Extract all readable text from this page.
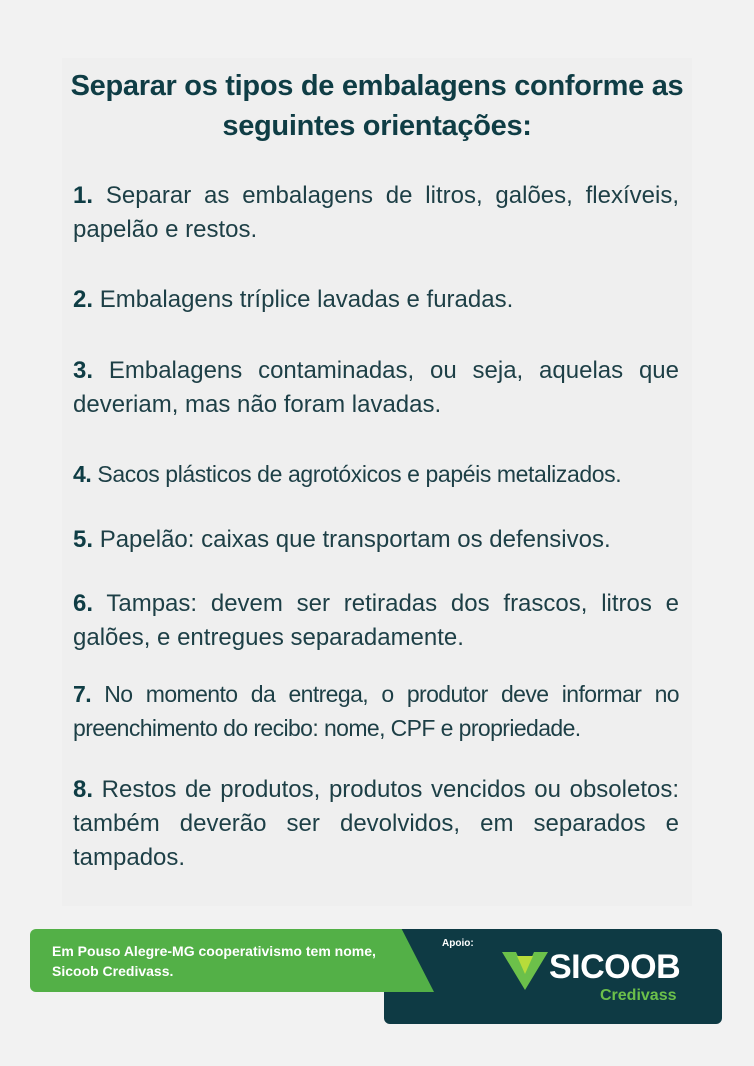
Separar os tipos de embalagens conforme as seguintes orientações:
1. Separar as embalagens de litros, galões, flexíveis, papelão e restos.
2. Embalagens tríplice lavadas e furadas.
3. Embalagens contaminadas, ou seja, aquelas que deveriam, mas não foram lavadas.
4. Sacos plásticos de agrotóxicos e papéis metalizados.
5. Papelão: caixas que transportam os defensivos.
6. Tampas: devem ser retiradas dos frascos, litros e galões, e entregues separadamente.
7. No momento da entrega, o produtor deve informar no preenchimento do recibo: nome, CPF e propriedade.
8. Restos de produtos, produtos vencidos ou obsoletos: também deverão ser devolvidos, em separados e tampados.
Em Pouso Alegre-MG cooperativismo tem nome, Sicoob Credivass.
Apoio:
SICOOB
Credivass
